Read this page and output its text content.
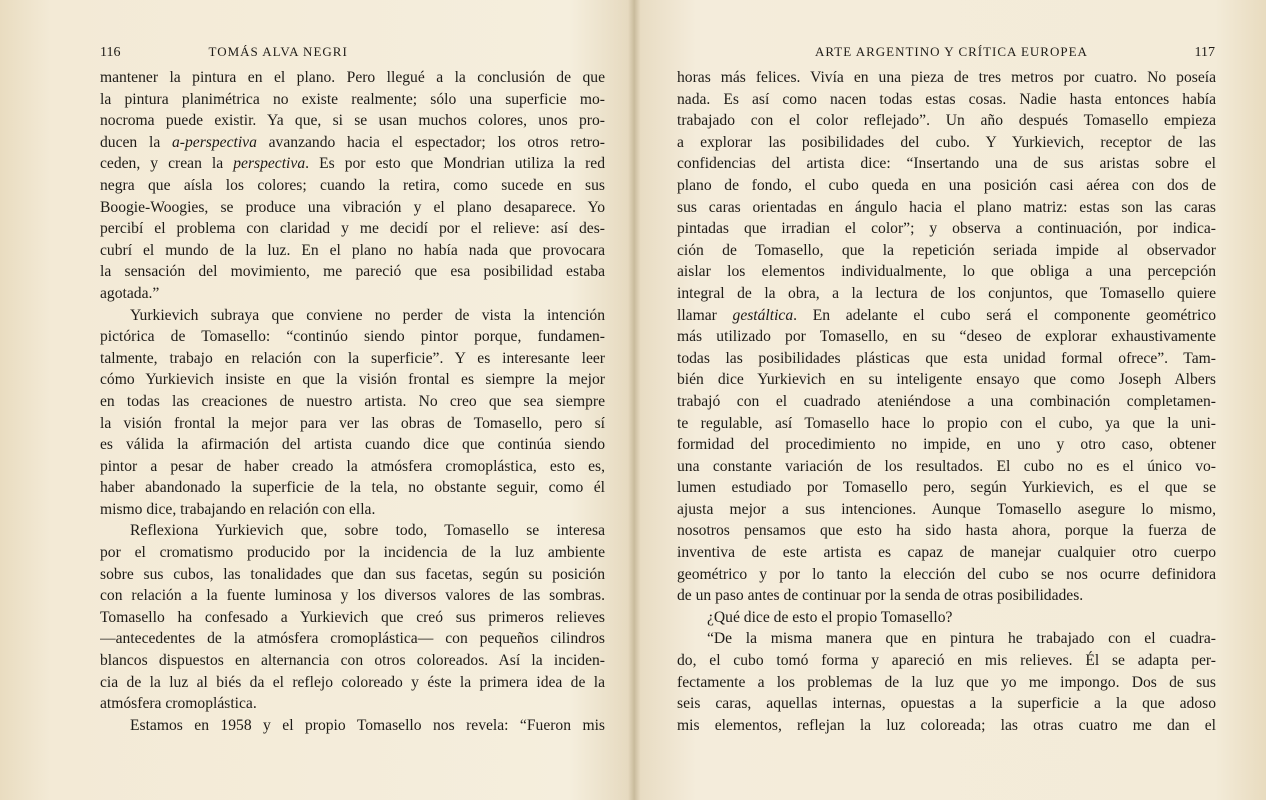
116	TOMÁS ALVA NEGRI
mantener la pintura en el plano. Pero llegué a la conclusión de que
la pintura planimétrica no existe realmente; sólo una superficie mo-
nocroma puede existir. Ya que, si se usan muchos colores, unos pro-
ducen la a-perspectiva avanzando hacia el espectador; los otros retro-
ceden, y crean la perspectiva. Es por esto que Mondrian utiliza la red
negra que aísla los colores; cuando la retira, como sucede en sus
Boogie-Woogies, se produce una vibración y el plano desaparece. Yo
percibí el problema con claridad y me decidí por el relieve: así des-
cubrí el mundo de la luz. En el plano no había nada que provocara
la sensación del movimiento, me pareció que esa posibilidad estaba
agotada.”
Yurkievich subraya que conviene no perder de vista la intención
pictórica de Tomasello: “continúo siendo pintor porque, fundamen-
talmente, trabajo en relación con la superficie”. Y es interesante leer
cómo Yurkievich insiste en que la visión frontal es siempre la mejor
en todas las creaciones de nuestro artista. No creo que sea siempre
la visión frontal la mejor para ver las obras de Tomasello, pero sí
es válida la afirmación del artista cuando dice que continúa siendo
pintor a pesar de haber creado la atmósfera cromoplástica, esto es,
haber abandonado la superficie de la tela, no obstante seguir, como él
mismo dice, trabajando en relación con ella.
Reflexiona Yurkievich que, sobre todo, Tomasello se interesa
por el cromatismo producido por la incidencia de la luz ambiente
sobre sus cubos, las tonalidades que dan sus facetas, según su posición
con relación a la fuente luminosa y los diversos valores de las sombras.
Tomasello ha confesado a Yurkievich que creó sus primeros relieves
—antecedentes de la atmósfera cromoplástica— con pequeños cilindros
blancos dispuestos en alternancia con otros coloreados. Así la inciden-
cia de la luz al biés da el reflejo coloreado y éste la primera idea de la
atmósfera cromoplástica.
Estamos en 1958 y el propio Tomasello nos revela: “Fueron mis
ARTE ARGENTINO Y CRÍTICA EUROPEA	117
horas más felices. Vivía en una pieza de tres metros por cuatro. No poseía
nada. Es así como nacen todas estas cosas. Nadie hasta entonces había
trabajado con el color reflejado”. Un año después Tomasello empieza
a explorar las posibilidades del cubo. Y Yurkievich, receptor de las
confidencias del artista dice: “Insertando una de sus aristas sobre el
plano de fondo, el cubo queda en una posición casi aérea con dos de
sus caras orientadas en ángulo hacia el plano matriz: estas son las caras
pintadas que irradian el color”; y observa a continuación, por indica-
ción de Tomasello, que la repetición seriada impide al observador
aislar los elementos individualmente, lo que obliga a una percepción
integral de la obra, a la lectura de los conjuntos, que Tomasello quiere
llamar gestáltica. En adelante el cubo será el componente geométrico
más utilizado por Tomasello, en su “deseo de explorar exhaustivamente
todas las posibilidades plásticas que esta unidad formal ofrece”. Tam-
bién dice Yurkievich en su inteligente ensayo que como Joseph Albers
trabajó con el cuadrado ateniéndose a una combinación completamen-
te regulable, así Tomasello hace lo propio con el cubo, ya que la uni-
formidad del procedimiento no impide, en uno y otro caso, obtener
una constante variación de los resultados. El cubo no es el único vo-
lumen estudiado por Tomasello pero, según Yurkievich, es el que se
ajusta mejor a sus intenciones. Aunque Tomasello asegure lo mismo,
nosotros pensamos que esto ha sido hasta ahora, porque la fuerza de
inventiva de este artista es capaz de manejar cualquier otro cuerpo
geométrico y por lo tanto la elección del cubo se nos ocurre definidora
de un paso antes de continuar por la senda de otras posibilidades.
¿Qué dice de esto el propio Tomasello?
“De la misma manera que en pintura he trabajado con el cuadra-
do, el cubo tomó forma y apareció en mis relieves. Él se adapta per-
fectamente a los problemas de la luz que yo me impongo. Dos de sus
seis caras, aquellas internas, opuestas a la superficie a la que adoso
mis elementos, reflejan la luz coloreada; las otras cuatro me dan el
